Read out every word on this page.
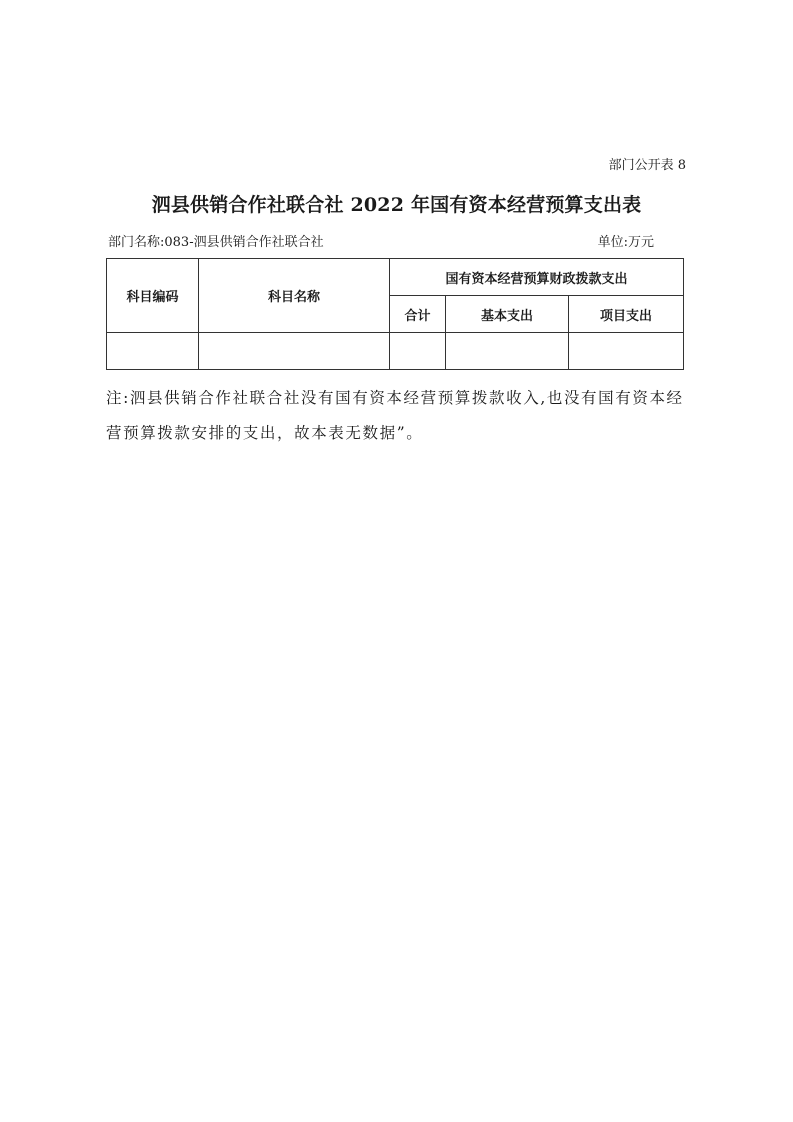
部门公开表 8
泗县供销合作社联合社 2022 年国有资本经营预算支出表
部门名称:083-泗县供销合作社联合社	单位:万元
科目编码	科目名称	国有资本经营预算财政拨款支出		
		合计	基本支出	项目支出

注:泗县供销合作社联合社没有国有资本经营预算拨款收入,也没有国有资本经营预算拨款安排的支出，故本表无数据”。
